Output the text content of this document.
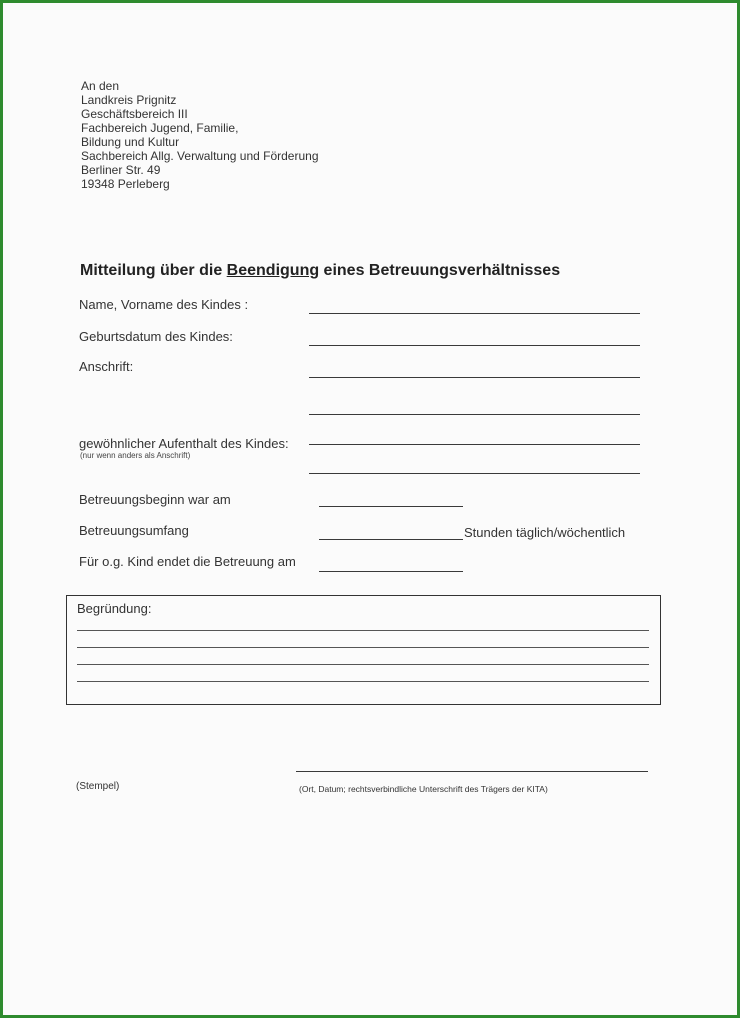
An den
Landkreis Prignitz
Geschäftsbereich III
Fachbereich Jugend, Familie,
Bildung und Kultur
Sachbereich Allg. Verwaltung und Förderung
Berliner Str. 49
19348 Perleberg
Mitteilung über die Beendigung eines Betreuungsverhältnisses
Name, Vorname des Kindes :
Geburtsdatum des Kindes:
Anschrift:
gewöhnlicher Aufenthalt des Kindes:
(nur wenn anders als Anschrift)
Betreuungsbeginn war am
Betreuungsumfang	Stunden täglich/wöchentlich
Für o.g. Kind endet die Betreuung am
Begründung:
(Stempel)	(Ort, Datum; rechtsverbindliche Unterschrift des Trägers der KITA)
